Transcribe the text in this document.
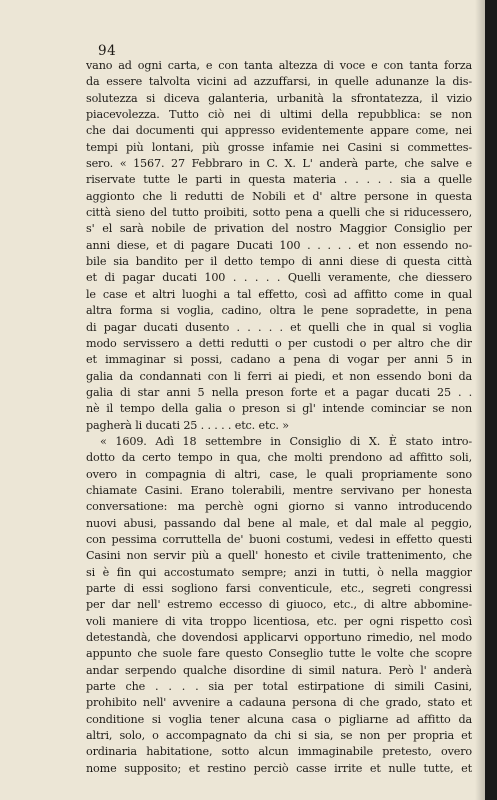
94
vano ad ogni carta, e con tanta altezza di voce e con tanta forza
da essere talvolta vicini ad azzuffarsi, in quelle adunanze la dis-
solutezza si diceva galanteria, urbanità la sfrontatezza, il vizio
piacevolezza. Tutto ciò nei di ultimi della repubblica: se non
che dai documenti qui appresso evidentemente appare come, nei
tempi più lontani, più grosse infamie nei Casini si commettes-
sero. « 1567. 27 Febbraro in C. X. L' anderà parte, che salve e
riservate tutte le parti in questa materia . . . . . sia a quelle
aggionto che li redutti de Nobili et d' altre persone in questa
città sieno del tutto proibiti, sotto pena a quelli che si riducessero,
s' el sarà nobile de privation del nostro Maggior Consiglio per
anni diese, et di pagare Ducati 100 . . . . . et non essendo no-
bile sia bandito per il detto tempo di anni diese di questa città
et di pagar ducati 100 . . . . . Quelli veramente, che diessero
le case et altri luoghi a tal effetto, così ad affitto come in qual
altra forma si voglia, cadino, oltra le pene sopradette, in pena
di pagar ducati dusento . . . . . et quelli che in qual si voglia
modo servissero a detti redutti o per custodi o per altro che dir
et immaginar si possi, cadano a pena di vogar per anni 5 in
galia da condannati con li ferri ai piedi, et non essendo boni da
galia di star anni 5 nella preson forte et a pagar ducati 25 . .
nè il tempo della galia o preson si gl' intende cominciar se non
pagherà li ducati 25 . . . . . etc. etc. »
« 1609. Adì 18 settembre in Consiglio di X. È stato intro-
dotto da certo tempo in qua, che molti prendono ad affitto soli,
overo in compagnia di altri, case, le quali propriamente sono
chiamate Casini. Erano tolerabili, mentre servivano per honesta
conversatione: ma perchè ogni giorno si vanno introducendo
nuovi abusi, passando dal bene al male, et dal male al peggio,
con pessima corruttella de' buoni costumi, vedesi in effetto questi
Casini non servir più a quell' honesto et civile trattenimento, che
si è fin qui accostumato sempre; anzi in tutti, ò nella maggior
parte di essi sogliono farsi conventicule, etc., segreti congressi
per dar nell' estremo eccesso di giuoco, etc., di altre abbomine-
voli maniere di vita troppo licentiosa, etc. per ogni rispetto così
detestandà, che dovendosi applicarvi opportuno rimedio, nel modo
appunto che suole fare questo Conseglio tutte le volte che scopre
andar serpendo qualche disordine di simil natura. Però l' anderà
parte che . . . . sia per total estirpatione di simili Casini,
prohibito nell' avvenire a cadauna persona di che grado, stato et
conditione si voglia tener alcuna casa o pigliarne ad affitto da
altri, solo, o accompagnato da chi si sia, se non per propria et
ordinaria habitatione, sotto alcun immaginabile pretesto, overo
nome supposito; et restino perciò casse irrite et nulle tutte, et
